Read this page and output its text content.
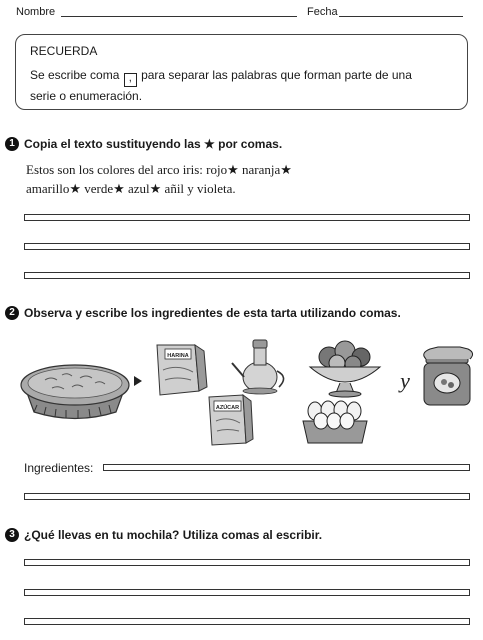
Nombre	Fecha
RECUERDA
Se escribe coma , para separar las palabras que forman parte de una serie o enumeración.
1 Copia el texto sustituyendo las ★ por comas.
Estos son los colores del arco iris: rojo★ naranja★
amarillo★ verde★ azul★ añil y violeta.
2 Observa y escribe los ingredientes de esta tarta utilizando comas.
HARINA
y
AZÚCAR
Ingredientes:
3 ¿Qué llevas en tu mochila? Utiliza comas al escribir.
